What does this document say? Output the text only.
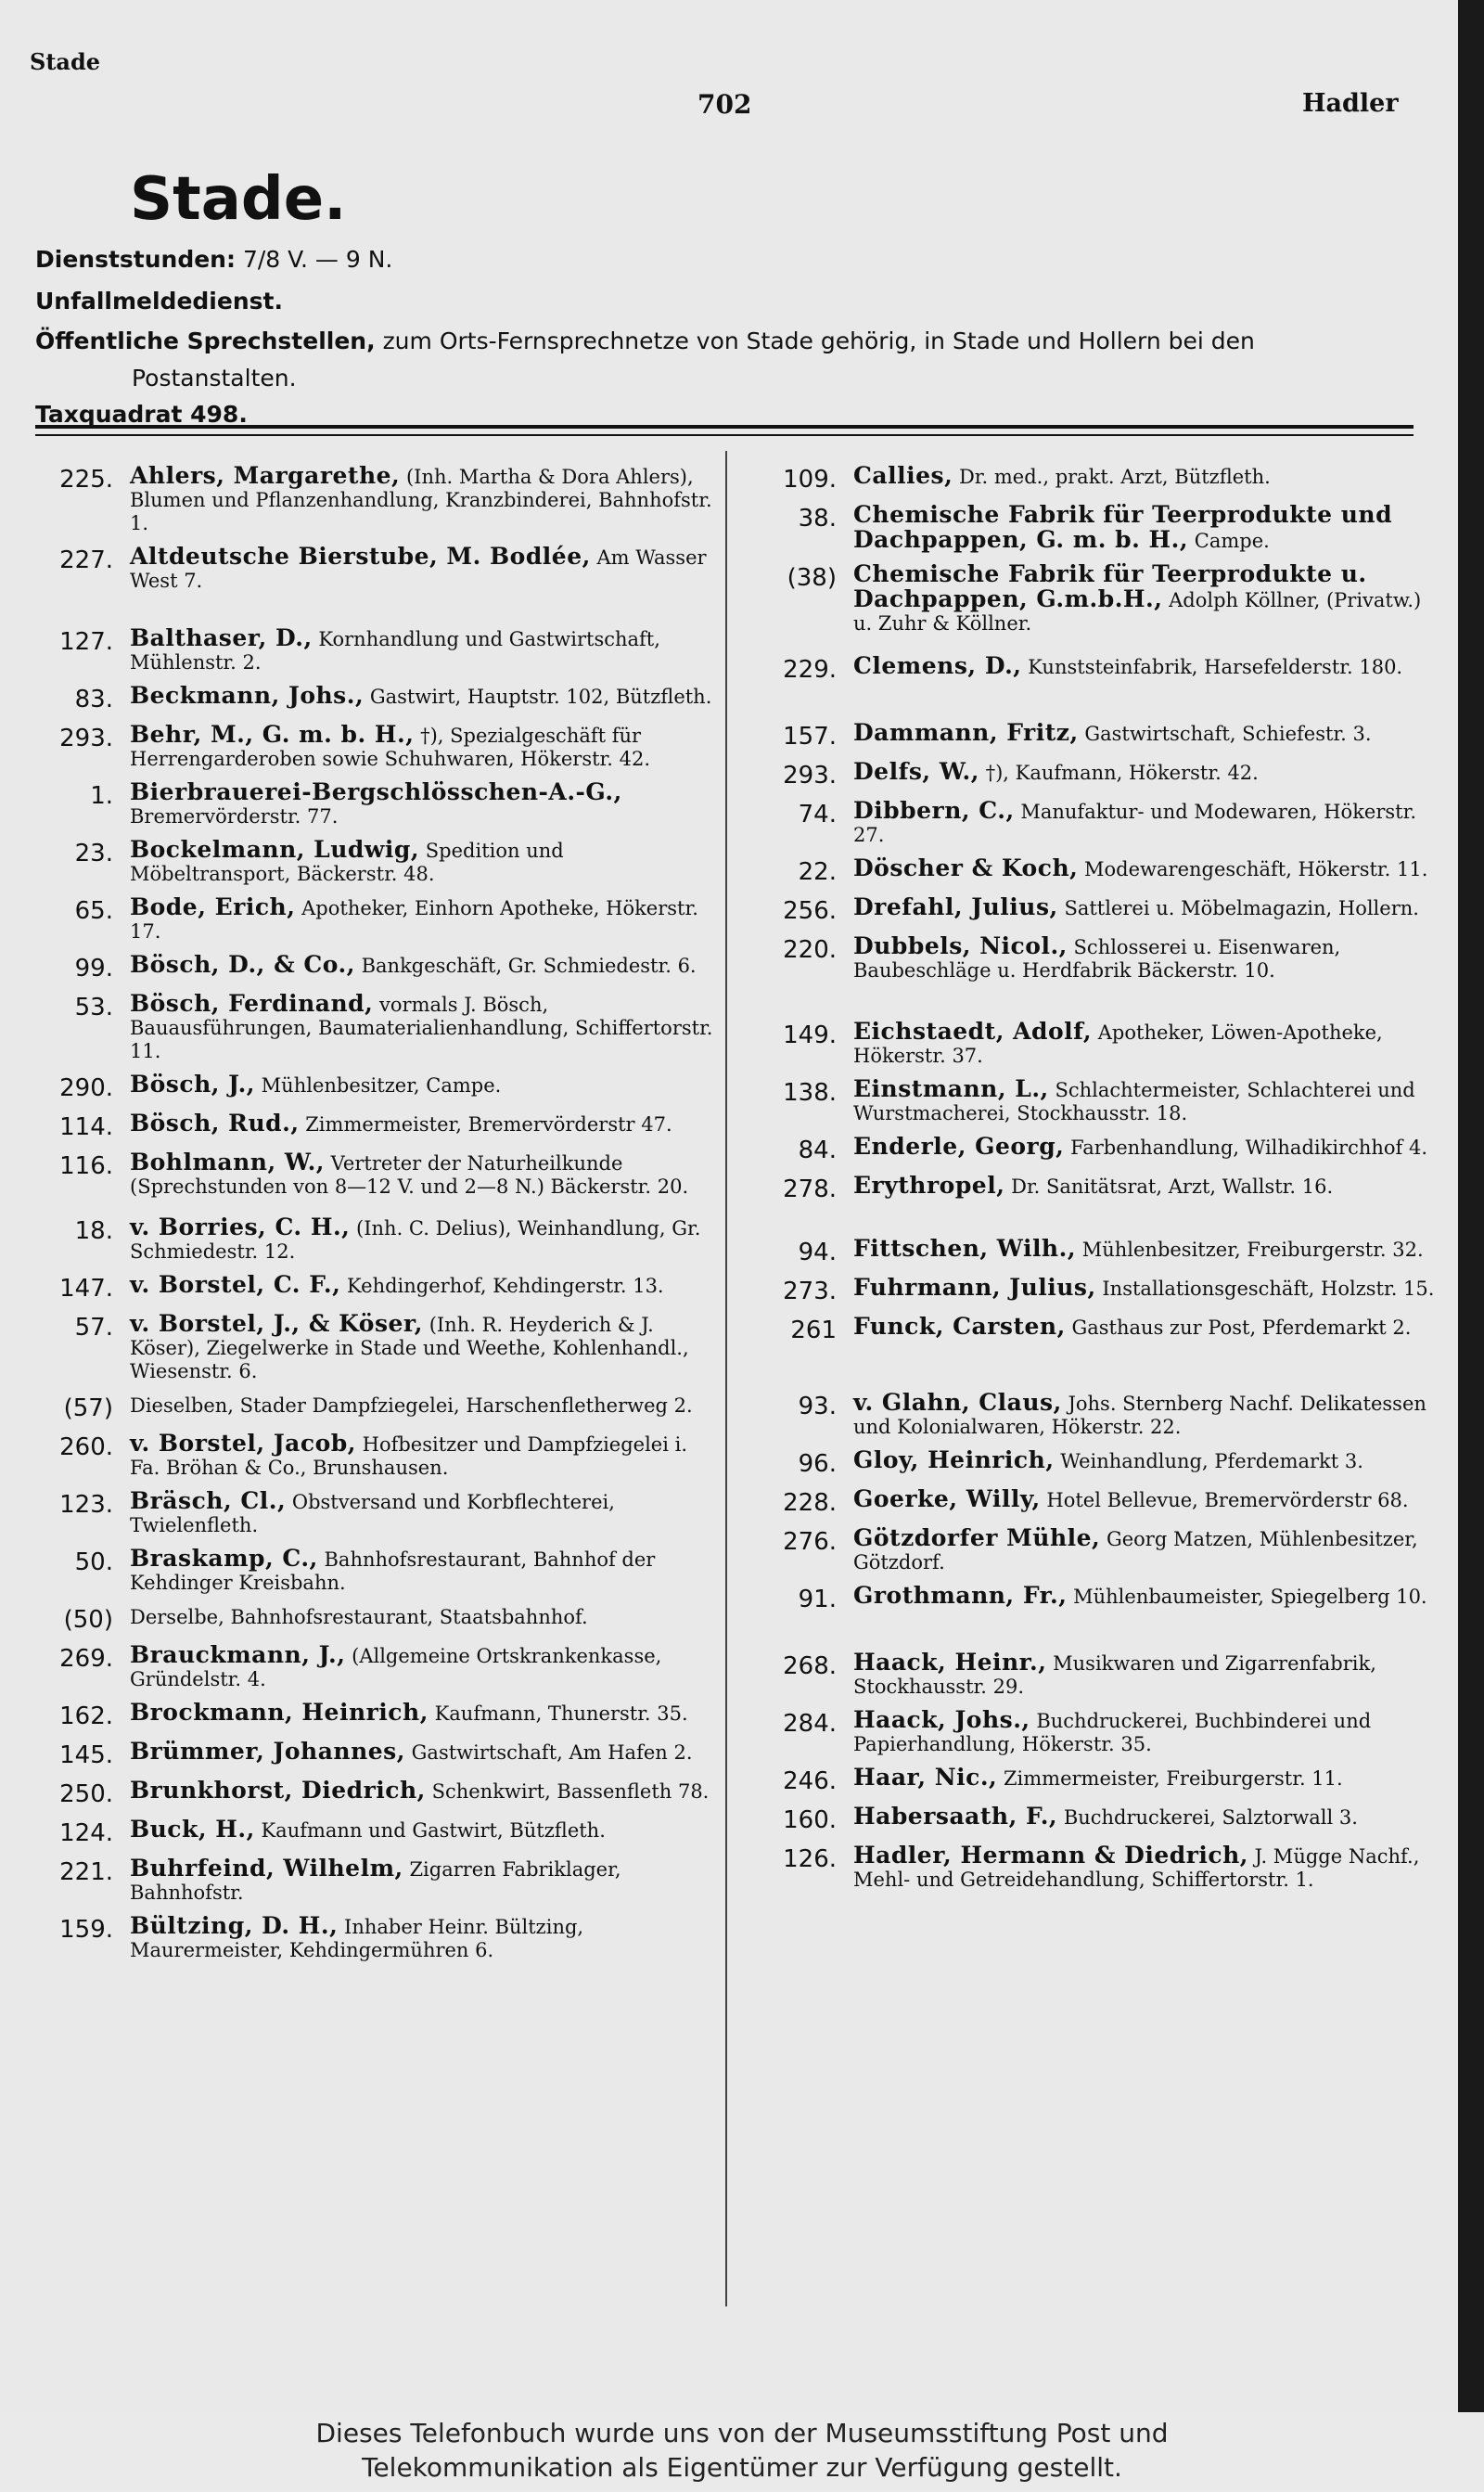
Stade
702	Hadler
Stade.
Dienststunden: 7/8 V. — 9 N.
Unfallmeldedienst.
Öffentliche Sprechstellen, zum Orts-Fernsprechnetze von Stade gehörig, in Stade und Hollern bei den
Postanstalten.
Taxquadrat 498.
225. Ahlers, Margarethe, (Inh. Martha & Dora Ahlers), Blumen und Pflanzenhandlung, Kranzbinderei, Bahnhofstr. 1.
227. Altdeutsche Bierstube, M. Bodlée, Am Wasser West 7.
127. Balthaser, D., Kornhandlung und Gastwirtschaft, Mühlenstr. 2.
83. Beckmann, Johs., Gastwirt, Hauptstr. 102, Bützfleth.
293. Behr, M., G. m. b. H., †), Spezialgeschäft für Herrengarderoben sowie Schuhwaren, Hökerstr. 42.
1. Bierbrauerei-Bergschlösschen-A.-G., Bremervörderstr. 77.
23. Bockelmann, Ludwig, Spedition und Möbeltransport, Bäckerstr. 48.
65. Bode, Erich, Apotheker, Einhorn Apotheke, Hökerstr. 17.
99. Bösch, D., & Co., Bankgeschäft, Gr. Schmiedestr. 6.
53. Bösch, Ferdinand, vormals J. Bösch, Bauausführungen, Baumaterialienhandlung, Schiffertorstr. 11.
290. Bösch, J., Mühlenbesitzer, Campe.
114. Bösch, Rud., Zimmermeister, Bremervörderstr 47.
116. Bohlmann, W., Vertreter der Naturheilkunde (Sprechstunden von 8—12 V. und 2—8 N.) Bäckerstr. 20.
18. v. Borries, C. H., (Inh. C. Delius), Weinhandlung, Gr. Schmiedestr. 12.
147. v. Borstel, C. F., Kehdingerhof, Kehdingerstr. 13.
57. v. Borstel, J., & Köser, (Inh. R. Heyderich & J. Köser), Ziegelwerke in Stade und Weethe, Kohlenhandl., Wiesenstr. 6.
(57) Dieselben, Stader Dampfziegelei, Harschenfletherweg 2.
260. v. Borstel, Jacob, Hofbesitzer und Dampfziegelei i. Fa. Bröhan & Co., Brunshausen.
123. Bräsch, Cl., Obstversand und Korbflechterei, Twielenfleth.
50. Braskamp, C., Bahnhofsrestaurant, Bahnhof der Kehdinger Kreisbahn.
(50) Derselbe, Bahnhofsrestaurant, Staatsbahnhof.
269. Brauckmann, J., (Allgemeine Ortskrankenkasse, Gründelstr. 4.
162. Brockmann, Heinrich, Kaufmann, Thunerstr. 35.
145. Brümmer, Johannes, Gastwirtschaft, Am Hafen 2.
250. Brunkhorst, Diedrich, Schenkwirt, Bassenfleth 78.
124. Buck, H., Kaufmann und Gastwirt, Bützfleth.
221. Buhrfeind, Wilhelm, Zigarren Fabriklager, Bahnhofstr.
159. Bültzing, D. H., Inhaber Heinr. Bültzing, Maurermeister, Kehdingermühren 6.
109. Callies, Dr. med., prakt. Arzt, Bützfleth.
38. Chemische Fabrik für Teerprodukte und Dachpappen, G. m. b. H., Campe.
(38) Chemische Fabrik für Teerprodukte u. Dachpappen, G.m.b.H., Adolph Köllner, (Privatw.) u. Zuhr & Köllner.
229. Clemens, D., Kunststeinfabrik, Harsefelderstr. 180.
157. Dammann, Fritz, Gastwirtschaft, Schiefestr. 3.
293. Delfs, W., †), Kaufmann, Hökerstr. 42.
74. Dibbern, C., Manufaktur- und Modewaren, Hökerstr. 27.
22. Döscher & Koch, Modewarengeschäft, Hökerstr. 11.
256. Drefahl, Julius, Sattlerei u. Möbelmagazin, Hollern.
220. Dubbels, Nicol., Schlosserei u. Eisenwaren, Baubeschläge u. Herdfabrik Bäckerstr. 10.
149. Eichstaedt, Adolf, Apotheker, Löwen-Apotheke, Hökerstr. 37.
138. Einstmann, L., Schlachtermeister, Schlachterei und Wurstmacherei, Stockhausstr. 18.
84. Enderle, Georg, Farbenhandlung, Wilhadikirchhof 4.
278. Erythropel, Dr. Sanitätsrat, Arzt, Wallstr. 16.
94. Fittschen, Wilh., Mühlenbesitzer, Freiburgerstr. 32.
273. Fuhrmann, Julius, Installationsgeschäft, Holzstr. 15.
261 Funck, Carsten, Gasthaus zur Post, Pferdemarkt 2.
93. v. Glahn, Claus, Johs. Sternberg Nachf. Delikatessen und Kolonialwaren, Hökerstr. 22.
96. Gloy, Heinrich, Weinhandlung, Pferdemarkt 3.
228. Goerke, Willy, Hotel Bellevue, Bremervörderstr 68.
276. Götzdorfer Mühle, Georg Matzen, Mühlenbesitzer, Götzdorf.
91. Grothmann, Fr., Mühlenbaumeister, Spiegelberg 10.
268. Haack, Heinr., Musikwaren und Zigarrenfabrik, Stockhausstr. 29.
284. Haack, Johs., Buchdruckerei, Buchbinderei und Papierhandlung, Hökerstr. 35.
246. Haar, Nic., Zimmermeister, Freiburgerstr. 11.
160. Habersaath, F., Buchdruckerei, Salztorwall 3.
126. Hadler, Hermann & Diedrich, J. Mügge Nachf., Mehl- und Getreidehandlung, Schiffertorstr. 1.
Dieses Telefonbuch wurde uns von der Museumsstiftung Post und
Telekommunikation als Eigentümer zur Verfügung gestellt.
